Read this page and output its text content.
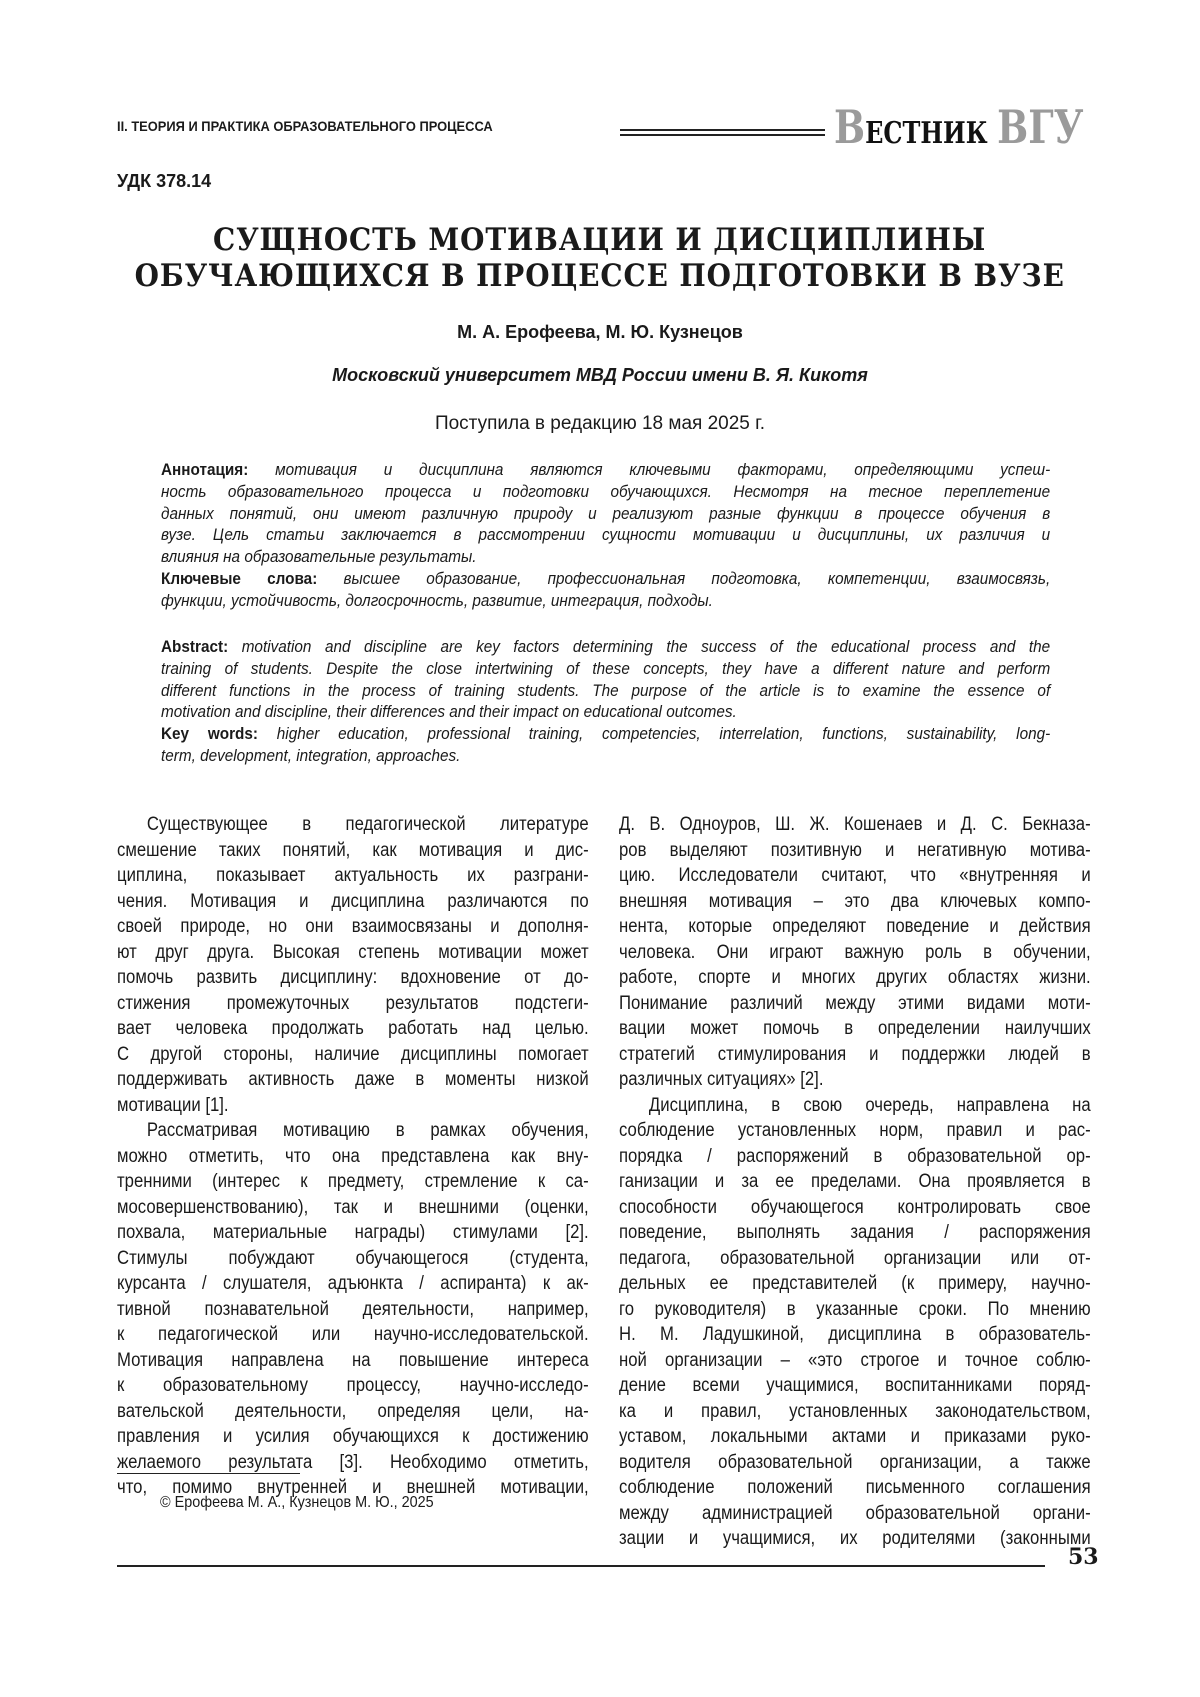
II. ТЕОРИЯ И ПРАКТИКА ОБРАЗОВАТЕЛЬНОГО ПРОЦЕССА	ВЕСТНИК ВГУ
УДК 378.14
СУЩНОСТЬ МОТИВАЦИИ И ДИСЦИПЛИНЫ
ОБУЧАЮЩИХСЯ В ПРОЦЕССЕ ПОДГОТОВКИ В ВУЗЕ
М. А. Ерофеева, М. Ю. Кузнецов
Московский университет МВД России имени В. Я. Кикотя
Поступила в редакцию 18 мая 2025 г.
Аннотация: мотивация и дисциплина являются ключевыми факторами, определяющими успеш-
ность образовательного процесса и подготовки обучающихся. Несмотря на тесное переплетение
данных понятий, они имеют различную природу и реализуют разные функции в процессе обучения в
вузе. Цель статьи заключается в рассмотрении сущности мотивации и дисциплины, их различия и
влияния на образовательные результаты.
Ключевые слова: высшее образование, профессиональная подготовка, компетенции, взаимосвязь,
функции, устойчивость, долгосрочность, развитие, интеграция, подходы.
Abstract: motivation and discipline are key factors determining the success of the educational process and the
training of students. Despite the close intertwining of these concepts, they have a different nature and perform
different functions in the process of training students. The purpose of the article is to examine the essence of
motivation and discipline, their differences and their impact on educational outcomes.
Key words: higher education, professional training, competencies, interrelation, functions, sustainability, long-
term, development, integration, approaches.
Существующее в педагогической литературе
смешение таких понятий, как мотивация и дис-
циплина, показывает актуальность их разграни-
чения. Мотивация и дисциплина различаются по
своей природе, но они взаимосвязаны и дополня-
ют друг друга. Высокая степень мотивации может
помочь развить дисциплину: вдохновение от до-
стижения промежуточных результатов подстеги-
вает человека продолжать работать над целью.
С другой стороны, наличие дисциплины помогает
поддерживать активность даже в моменты низкой
мотивации [1].
Рассматривая мотивацию в рамках обучения,
можно отметить, что она представлена как вну-
тренними (интерес к предмету, стремление к са-
мосовершенствованию), так и внешними (оценки,
похвала, материальные награды) стимулами [2].
Стимулы побуждают обучающегося (студента,
курсанта / слушателя, адъюнкта / аспиранта) к ак-
тивной познавательной деятельности, например,
к педагогической или научно-исследовательской.
Мотивация направлена на повышение интереса
к образовательному процессу, научно-исследо-
вательской деятельности, определяя цели, на-
правления и усилия обучающихся к достижению
желаемого результата [3]. Необходимо отметить,
что, помимо внутренней и внешней мотивации,
Д. В. Одноуров, Ш. Ж. Кошенаев и Д. С. Бекназа-
ров выделяют позитивную и негативную мотива-
цию. Исследователи считают, что «внутренняя и
внешняя мотивация – это два ключевых компо-
нента, которые определяют поведение и действия
человека. Они играют важную роль в обучении,
работе, спорте и многих других областях жизни.
Понимание различий между этими видами моти-
вации может помочь в определении наилучших
стратегий стимулирования и поддержки людей в
различных ситуациях» [2].
Дисциплина, в свою очередь, направлена на
соблюдение установленных норм, правил и рас-
порядка / распоряжений в образовательной ор-
ганизации и за ее пределами. Она проявляется в
способности обучающегося контролировать свое
поведение, выполнять задания / распоряжения
педагога, образовательной организации или от-
дельных ее представителей (к примеру, научно-
го руководителя) в указанные сроки. По мнению
Н. М. Ладушкиной, дисциплина в образователь-
ной организации – «это строгое и точное соблю-
дение всеми учащимися, воспитанниками поряд-
ка и правил, установленных законодательством,
уставом, локальными актами и приказами руко-
водителя образовательной организации, а также
соблюдение положений письменного соглашения
между администрацией образовательной органи-
зации и учащимися, их родителями (законными
© Ерофеева М. А., Кузнецов М. Ю., 2025
53
